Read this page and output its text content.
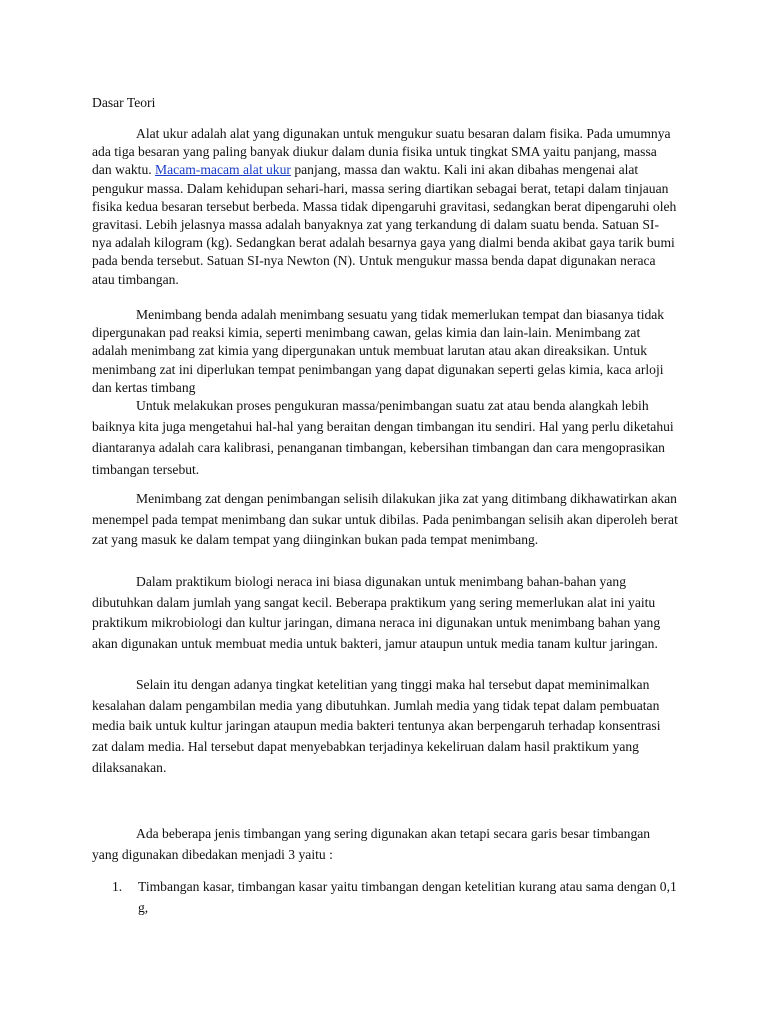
Dasar Teori
Alat ukur adalah alat yang digunakan untuk mengukur suatu besaran dalam fisika. Pada umumnya ada tiga besaran yang paling banyak diukur dalam dunia fisika untuk tingkat SMA yaitu panjang, massa dan waktu. Macam-macam alat ukur panjang, massa dan waktu. Kali ini akan dibahas mengenai alat pengukur massa. Dalam kehidupan sehari-hari, massa sering diartikan sebagai berat, tetapi dalam tinjauan fisika kedua besaran tersebut berbeda. Massa tidak dipengaruhi gravitasi, sedangkan berat dipengaruhi oleh gravitasi. Lebih jelasnya massa adalah banyaknya zat yang terkandung di dalam suatu benda. Satuan SI-nya adalah kilogram (kg). Sedangkan berat adalah besarnya gaya yang dialmi benda akibat gaya tarik bumi pada benda tersebut. Satuan SI-nya Newton (N). Untuk mengukur massa benda dapat digunakan neraca atau timbangan.
Menimbang benda adalah menimbang sesuatu yang tidak memerlukan tempat dan biasanya tidak dipergunakan pad reaksi kimia, seperti menimbang cawan, gelas kimia dan lain-lain. Menimbang zat adalah menimbang zat kimia yang dipergunakan untuk membuat larutan atau akan direaksikan. Untuk menimbang zat ini diperlukan tempat penimbangan yang dapat digunakan seperti gelas kimia, kaca arloji dan kertas timbang
Untuk melakukan proses pengukuran massa/penimbangan suatu zat atau benda alangkah lebih baiknya kita juga mengetahui hal-hal yang beraitan dengan timbangan itu sendiri. Hal yang perlu diketahui diantaranya adalah cara kalibrasi, penanganan timbangan, kebersihan timbangan dan cara mengoprasikan timbangan tersebut.
Menimbang zat dengan penimbangan selisih dilakukan jika zat yang ditimbang dikhawatirkan akan menempel pada tempat menimbang dan sukar untuk dibilas. Pada penimbangan selisih akan diperoleh berat zat yang masuk ke dalam tempat yang diinginkan bukan pada tempat menimbang.
Dalam praktikum biologi neraca ini biasa digunakan untuk menimbang bahan-bahan yang dibutuhkan dalam jumlah yang sangat kecil. Beberapa praktikum yang sering memerlukan alat ini yaitu praktikum mikrobiologi dan kultur jaringan, dimana neraca ini digunakan untuk menimbang bahan yang akan digunakan untuk membuat media untuk bakteri, jamur ataupun untuk media tanam kultur jaringan.
Selain itu dengan adanya tingkat ketelitian yang tinggi maka hal tersebut dapat meminimalkan kesalahan dalam pengambilan media yang dibutuhkan. Jumlah media yang tidak tepat dalam pembuatan media baik untuk kultur jaringan ataupun media bakteri tentunya akan berpengaruh terhadap konsentrasi zat dalam media. Hal tersebut dapat menyebabkan terjadinya kekeliruan dalam hasil praktikum yang dilaksanakan.
Ada beberapa jenis timbangan yang sering digunakan akan tetapi secara garis besar timbangan yang digunakan dibedakan menjadi 3 yaitu :
1. Timbangan kasar, timbangan kasar yaitu timbangan dengan ketelitian kurang atau sama dengan 0,1 g,
